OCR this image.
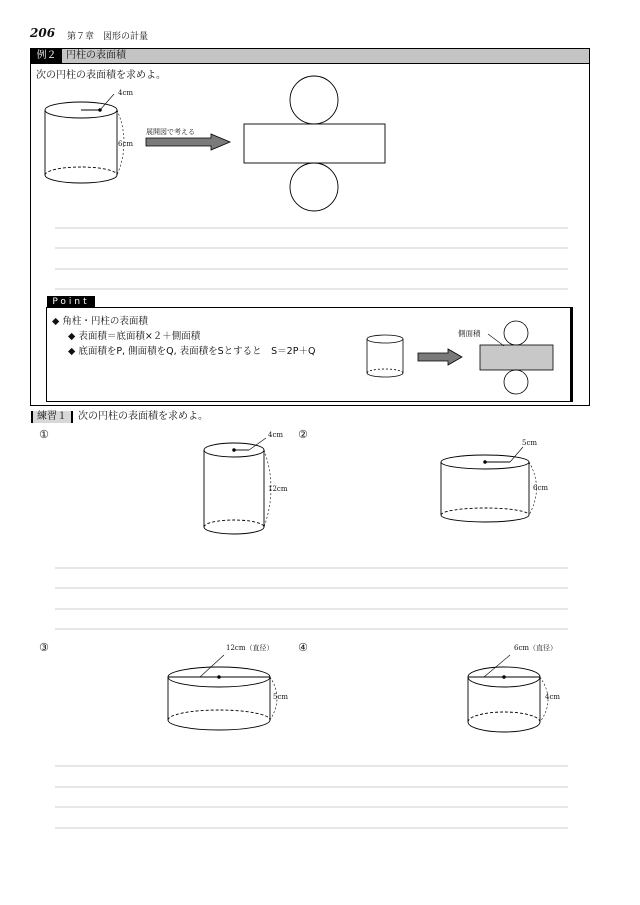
206 第７章　図形の計量
例２ 円柱の表面積
次の円柱の表面積を求めよ。
4cm
6cm
展開図で考える
Point
◆ 角柱・円柱の表面積
◆ 表面積＝底面積×２＋側面積
◆ 底面積をP, 側面積をQ, 表面積をSとすると　S＝2P＋Q
側面積
練習１	次の円柱の表面積を求めよ。
①	4cm
12cm
②
5cm
6cm
③	12cm（直径）
5cm
④	6cm（直径）
4cm
